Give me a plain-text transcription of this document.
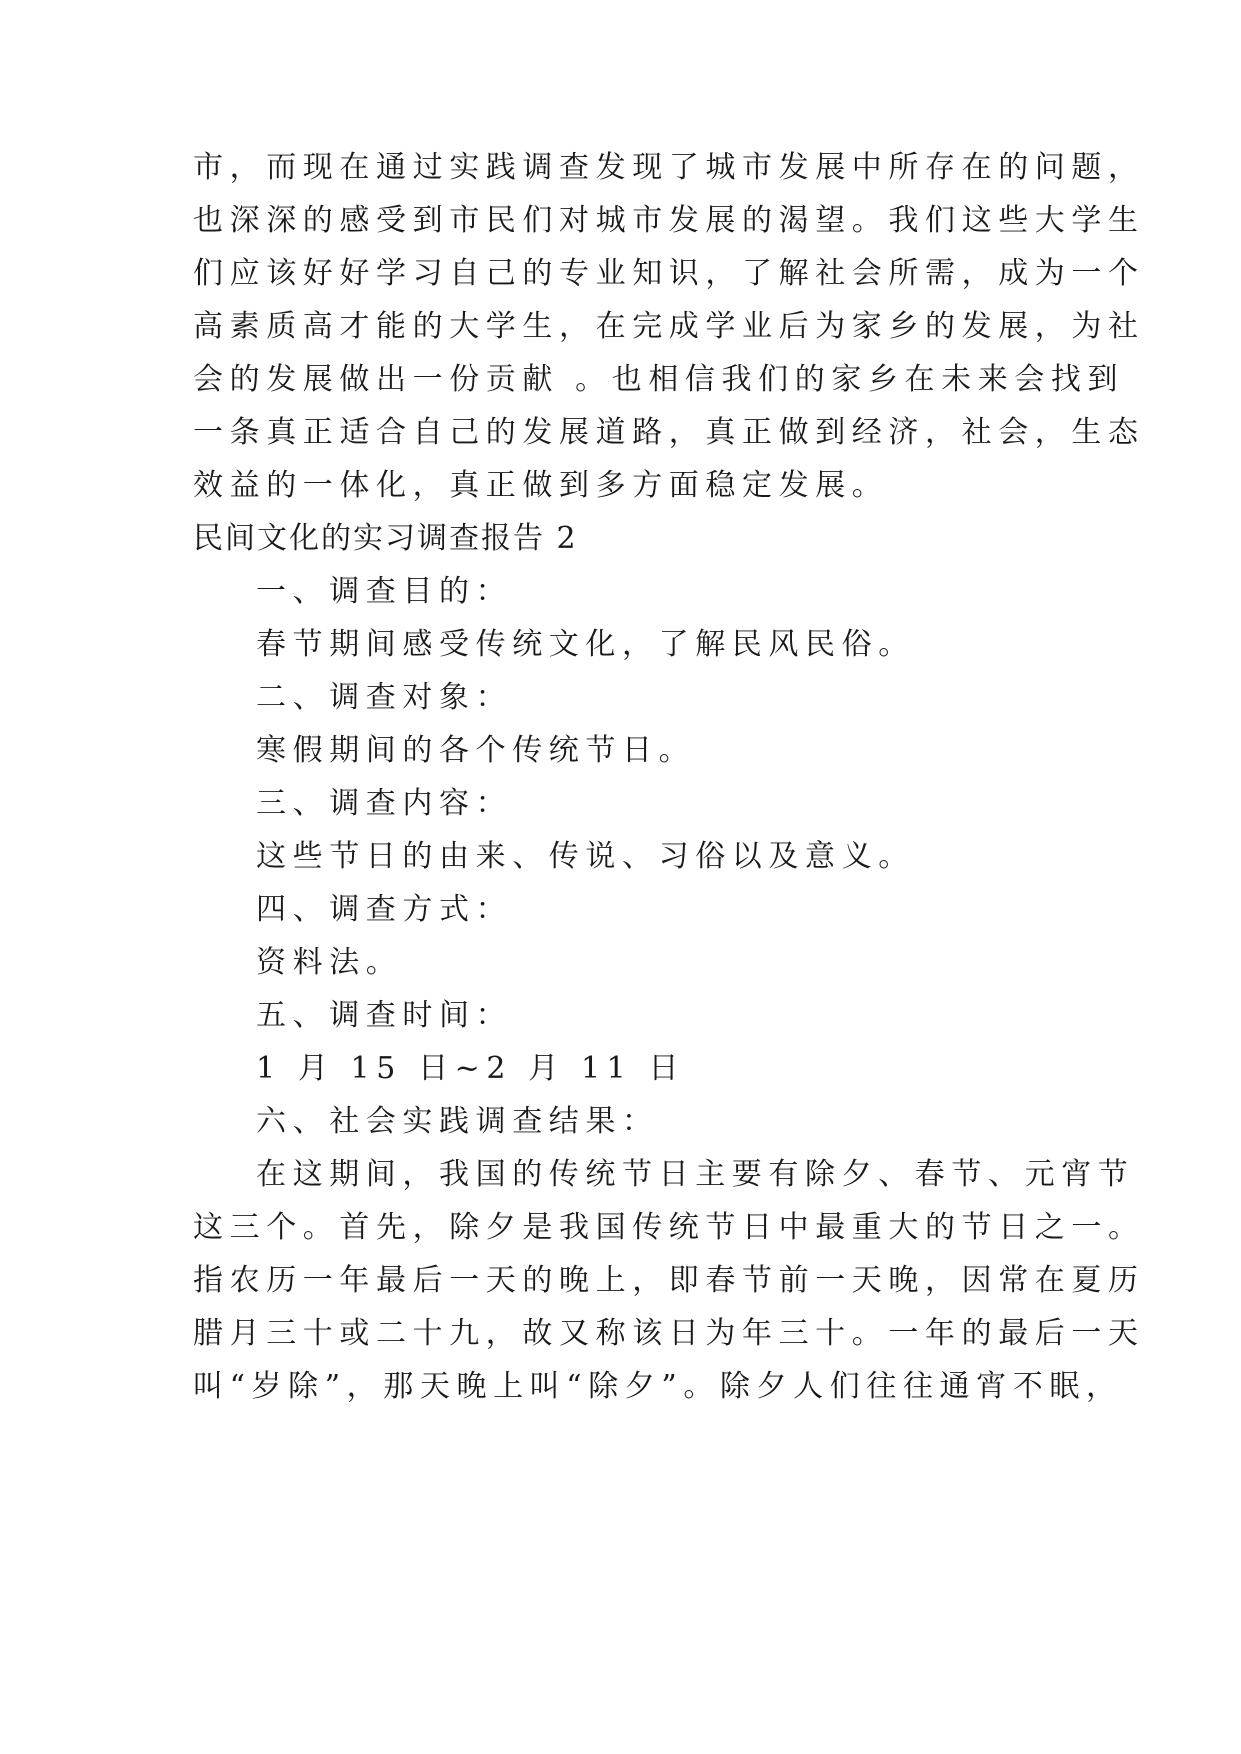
市，而现在通过实践调查发现了城市发展中所存在的问题，
也深深的感受到市民们对城市发展的渴望。我们这些大学生
们应该好好学习自己的专业知识，了解社会所需，成为一个
高素质高才能的大学生，在完成学业后为家乡的发展，为社
会的发展做出一份贡献 。也相信我们的家乡在未来会找到
一条真正适合自己的发展道路，真正做到经济，社会，生态
效益的一体化，真正做到多方面稳定发展。
民间文化的实习调查报告 2
一、调查目的：
春节期间感受传统文化，了解民风民俗。
二、调查对象：
寒假期间的各个传统节日。
三、调查内容：
这些节日的由来、传说、习俗以及意义。
四、调查方式：
资料法。
五、调查时间：
1 月 15 日~2 月 11 日
六、社会实践调查结果：
在这期间，我国的传统节日主要有除夕、春节、元宵节
这三个。首先，除夕是我国传统节日中最重大的节日之一。
指农历一年最后一天的晚上，即春节前一天晚，因常在夏历
腊月三十或二十九，故又称该日为年三十。一年的最后一天
叫“岁除”，那天晚上叫“除夕”。除夕人们往往通宵不眠，
